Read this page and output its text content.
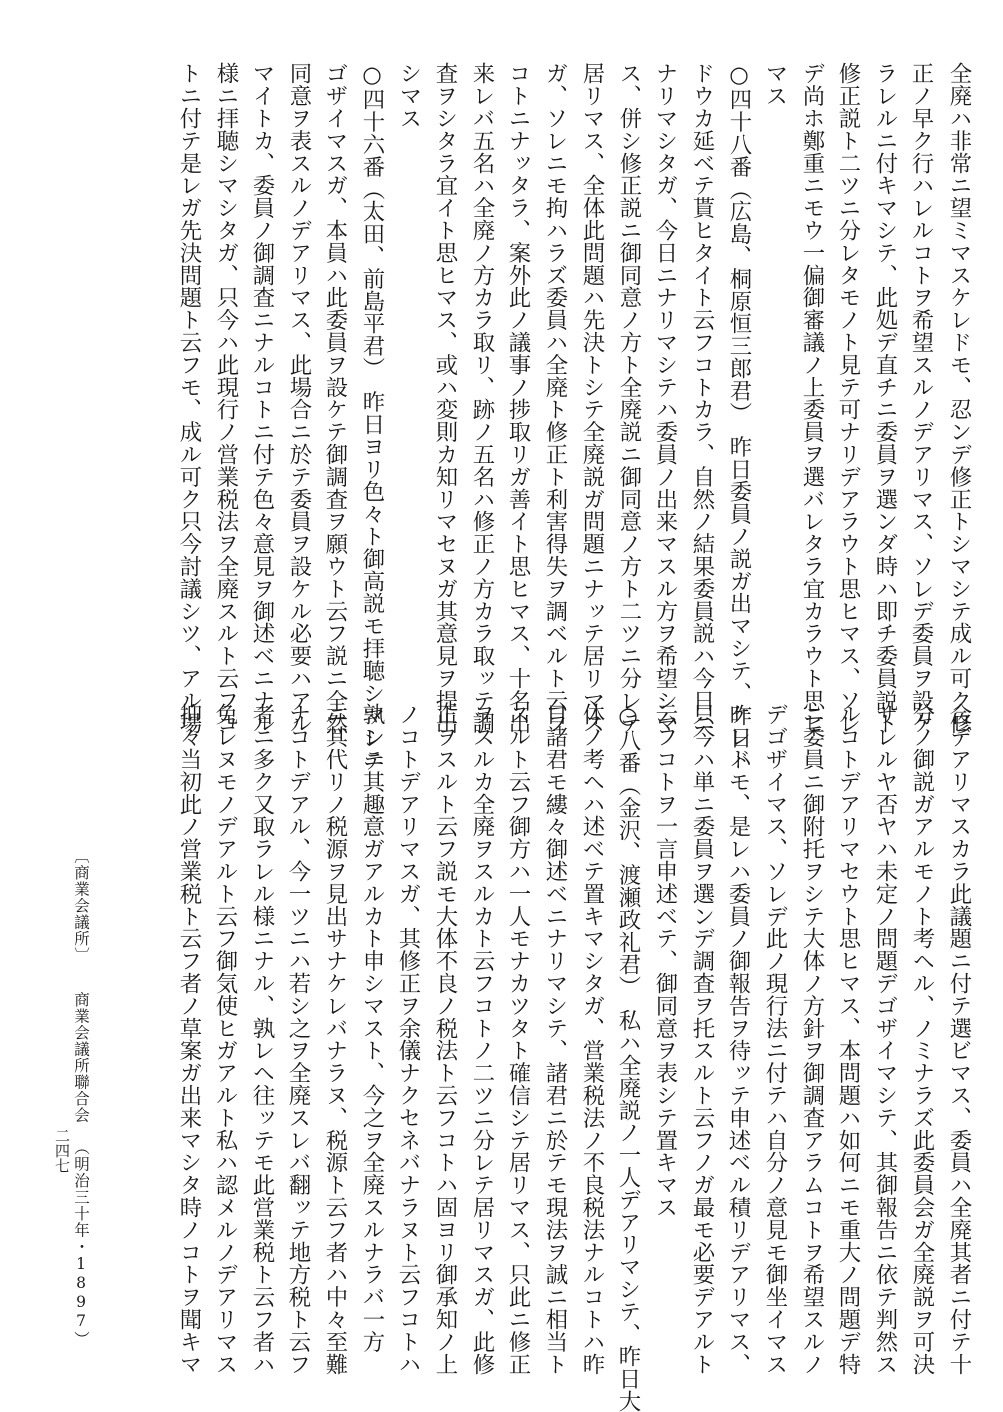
全廃ハ非常ニ望ミマスケレドモ、忍ンデ修正トシマシテ成ル可ク修
正ノ早ク行ハレルコトヲ希望スルノデアリマス、ソレデ委員ヲ設ケ
ラレルニ付キマシテ、此処デ直チニ委員ヲ選ンダ時ハ即チ委員説ト
修正説ト二ツニ分レタモノト見テ可ナリデアラウト思ヒマス、ソレ
デ尚ホ鄭重ニモウ一偏御審議ノ上委員ヲ選バレタラ宜カラウト思ヒ
マス
○四十八番（広島、桐原恒三郎君）　昨日委員ノ説ガ出マシテ、昨日ハ
ドウカ延ベテ貰ヒタイト云フコトカラ、自然ノ結果委員説ハ今日ニ
ナリマシタガ、今日ニナリマシテハ委員ノ出来マスル方ヲ希望シマ
ス、併シ修正説ニ御同意ノ方ト全廃説ニ御同意ノ方ト二ツニ分レテ
居リマス、全体此問題ハ先決トシテ全廃説ガ問題ニナッテ居リマス
ガ、ソレニモ拘ハラズ委員ハ全廃ト修正ト利害得失ヲ調ベルト云フ
コトニナッタラ、案外此ノ議事ノ捗取リガ善イト思ヒマス、十名出
来レバ五名ハ全廃ノ方カラ取リ、跡ノ五名ハ修正ノ方カラ取ッテ調
査ヲシタラ宜イト思ヒマス、或ハ変則カ知リマセヌガ其意見ヲ提出
シマス
○四十六番（太田、前島平君）　昨日ヨリ色々ト御高説モ拝聴シマシテ
ゴザイマスガ、本員ハ此委員ヲ設ケテ御調査ヲ願ウト云フ説ニ全然
同意ヲ表スルノデアリマス、此場合ニ於テ委員ヲ設ケル必要ハアル
マイトカ、委員ノ御調査ニナルコトニ付テ色々意見ヲ御述ベニナル
様ニ拝聴シマシタガ、只今ハ此現行ノ営業税法ヲ全廃スルト云フコ
トニ付テ是レガ先決問題ト云フモ、成ル可ク只今討議シツ、アル場
合デアリマスカラ此議題ニ付テ選ビマス、委員ハ全廃其者ニ付テ十
分ノ御説ガアルモノト考ヘル、ノミナラズ此委員会ガ全廃説ヲ可決
サレルヤ否ヤハ未定ノ問題デゴザイマシテ、其御報告ニ依テ判然ス
ルコトデアリマセウト思ヒマス、本問題ハ如何ニモ重大ノ問題デ特
ニ委員ニ御附托ヲシテ大体ノ方針ヲ御調査アラムコトヲ希望スルノ
デゴザイマス、ソレデ此ノ現行法ニ付テハ自分ノ意見モ御坐イマス
ケレドモ、是レハ委員ノ御報告ヲ待ッテ申述ベル積リデアリマス、
只今ハ単ニ委員ヲ選ンデ調査ヲ托スルト云フノガ最モ必要デアルト
云フコトヲ一言申述ベテ、御同意ヲ表シテ置キマス
○八番（金沢、渡瀬政礼君）　私ハ全廃説ノ一人デアリマシテ、昨日大
体ノ考ヘハ述ベテ置キマシタガ、営業税法ノ不良税法ナルコトハ昨
日諸君モ縷々御述ベニナリマシテ、諸君ニ於テモ現法ヲ誠ニ相当ト
スルト云フ御方ハ一人モナカツタト確信シテ居リマス、只此ニ修正
ヲスルカ全廃ヲスルカト云フコトノ二ツニ分レテ居リマスガ、此修
正ヲスルト云フ説モ大体不良ノ税法ト云フコトハ固ヨリ御承知ノ上
ノコトデアリマスガ、其修正ヲ余儀ナクセネバナラヌト云フコトハ
孰レニ其趣意ガアルカト申シマスト、今之ヲ全廃スルナラバ一方
ニ其代リノ税源ヲ見出サナケレバナラヌ、税源ト云フ者ハ中々至難
ナコトデアル、今一ツニハ若シ之ヲ全廃スレバ翻ッテ地方税ト云フ
者ニ多ク又取ラレル様ニナル、孰レヘ往ッテモ此営業税ト云フ者ハ
免レヌモノデアルト云フ御気使ヒガアルト私ハ認メルノデアリマス
抑々当初此ノ営業税ト云フ者ノ草案ガ出来マシタ時ノコトヲ聞キマ
〔商業会議所〕商業会議所聯合会（明治三十年・1897）
二四七
